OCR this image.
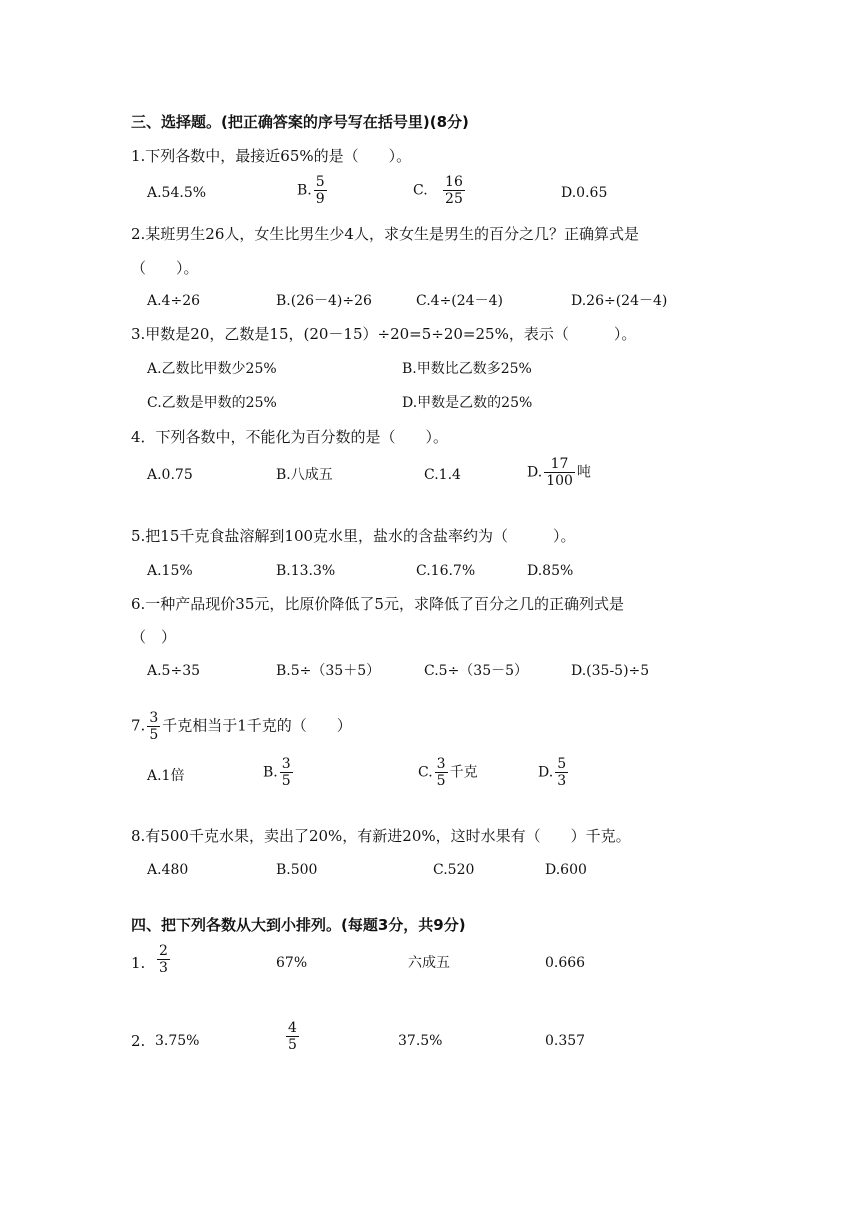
三、选择题。(把正确答案的序号写在括号里)(8分)
1.下列各数中，最接近65%的是（　　）。
A.54.5%	B. $\frac{5}{9}$	C. $\frac{16}{25}$	D.0.65
2.某班男生26人，女生比男生少4人，求女生是男生的百分之几？正确算式是
（　　）。
A.4÷26	B.(26－4)÷26	C.4÷(24－4)	D.26÷(24－4)
3.甲数是20，乙数是15，(20－15）÷20=5÷20=25%，表示（　　　）。
A.乙数比甲数少25%	B.甲数比乙数多25%
C.乙数是甲数的25%	D.甲数是乙数的25%
4．下列各数中，不能化为百分数的是（　　）。
A.0.75	B.八成五	C.1.4	D. $\frac{17}{100}$ 吨
5.把15千克食盐溶解到100克水里，盐水的含盐率约为（　　　）。
A.15%	B.13.3%	C.16.7%	D.85%
6.一种产品现价35元，比原价降低了5元，求降低了百分之几的正确列式是
（　）
A.5÷35	B.5÷（35＋5）	C.5÷（35－5）	D.(35-5)÷5
7. $\frac{3}{5}$ 千克相当于1千克的（　　）
A.1倍	B. $\frac{3}{5}$	C. $\frac{3}{5}$ 千克	D. $\frac{5}{3}$
8.有500千克水果，卖出了20%，有新进20%，这时水果有（　　）千克。
A.480	B.500	C.520	D.600
四、把下列各数从大到小排列。(每题3分，共9分)
1. $\frac{2}{3}$	67%	六成五	0.666
2. 3.75%	$\frac{4}{5}$	37.5%	0.357
